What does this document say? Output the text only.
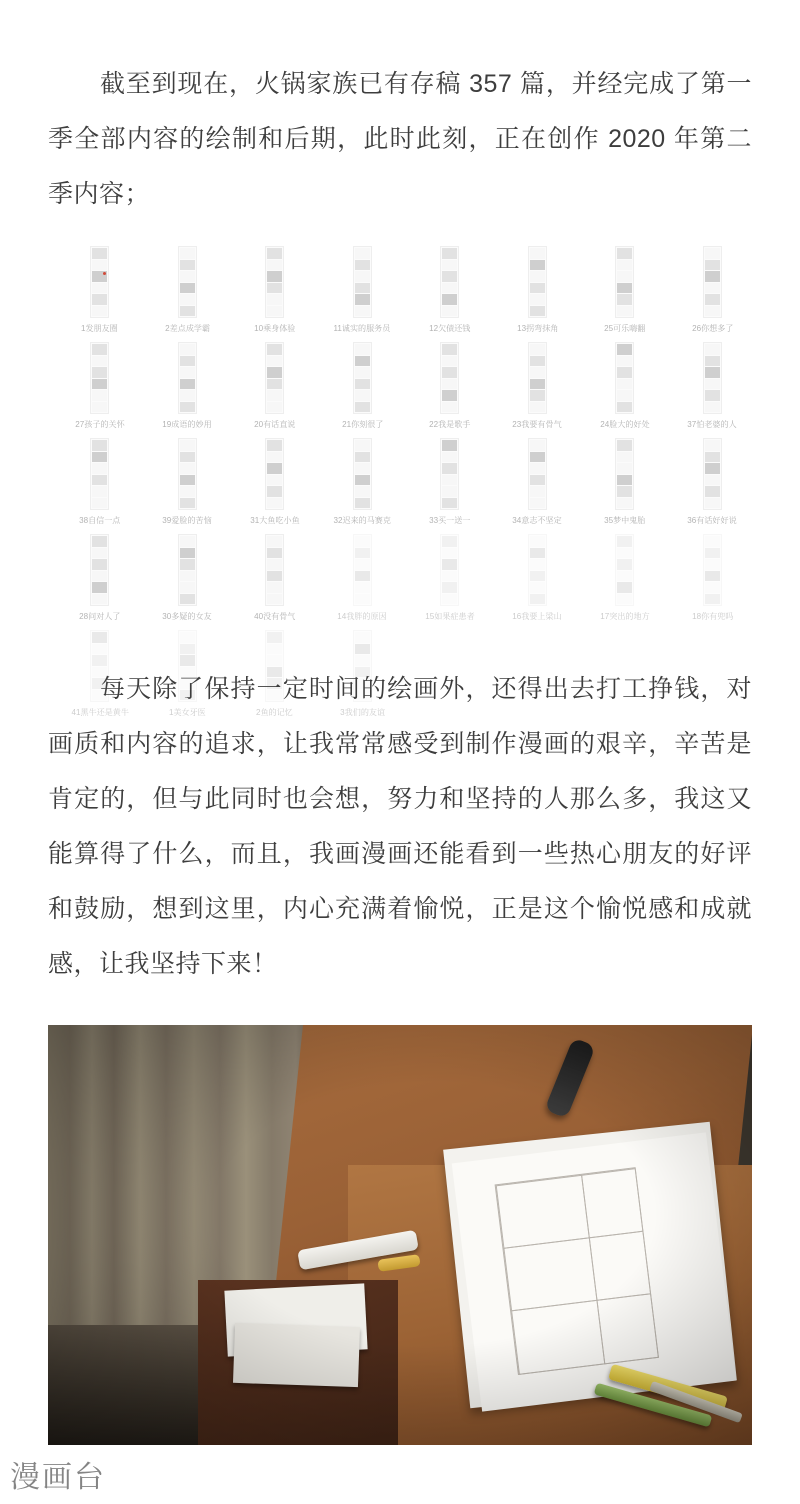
截至到现在，火锅家族已有存稿 357 篇，并经完成了第一季全部内容的绘制和后期，此时此刻，正在创作 2020 年第二季内容；

1发朋友圈	2差点成学霸	10乘身体验	11诚实的服务员	12欠债还钱	13拐弯抹角	25可乐嗨翻	26你想多了
27孩子的关怀	19成语的妙用	20有话直说	21你刻很了	22我是歌手	23我要有骨气	24脸大的好处	37怕老婆的人
38自信一点	39爱脸的苦恼	31大鱼吃小鱼	32迟来的马赛克	33买一送一	34意志不坚定	35梦中鬼胎	36有话好好说
28问对人了	30多疑的女友	40没有骨气	14我胖的原因	15如果症患者	16我要上梁山	17突出的地方	18你有兜吗
41黑牛还是黄牛	1美女牙医	2鱼的记忆	3我们的友谊

每天除了保持一定时间的绘画外，还得出去打工挣钱，对画质和内容的追求，让我常常感受到制作漫画的艰辛，辛苦是肯定的，但与此同时也会想，努力和坚持的人那么多，我这又能算得了什么，而且，我画漫画还能看到一些热心朋友的好评和鼓励，想到这里，内心充满着愉悦，正是这个愉悦感和成就感，让我坚持下来！

漫画台
